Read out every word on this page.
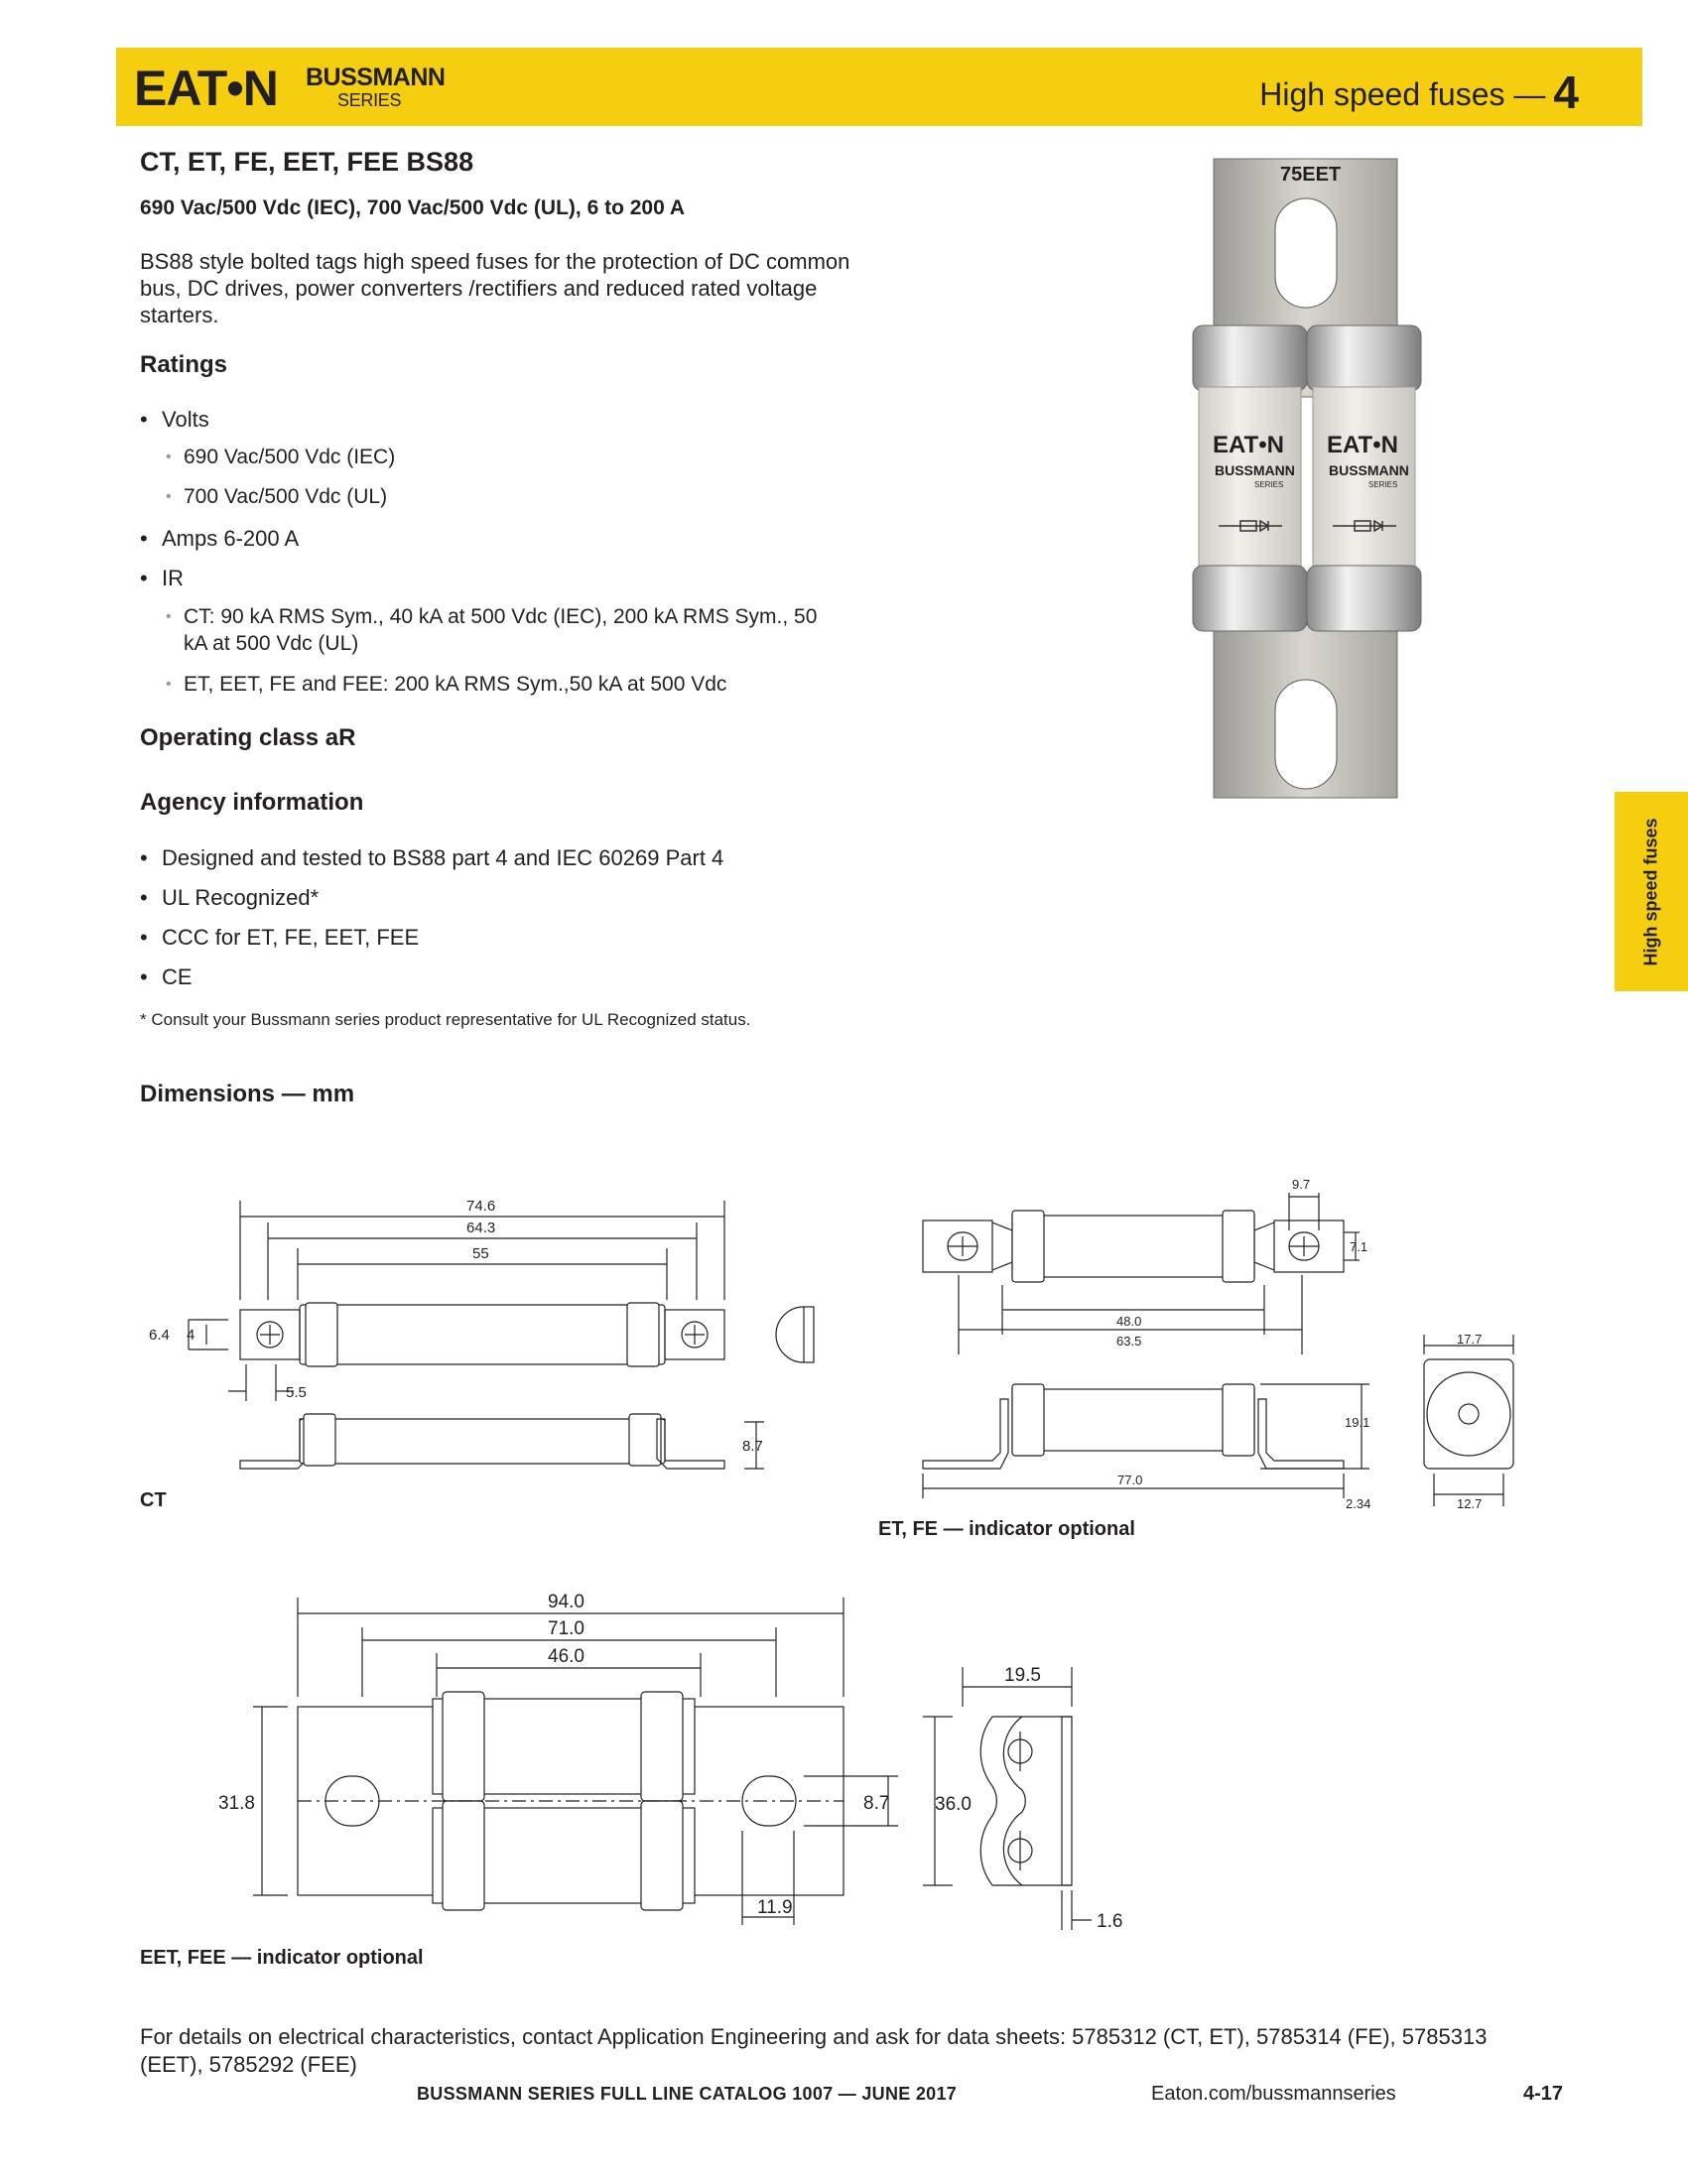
EAT•N BUSSMANN
SERIES	High speed fuses — 4
CT, ET, FE, EET, FEE BS88
690 Vac/500 Vdc (IEC), 700 Vac/500 Vdc (UL), 6 to 200 A
BS88 style bolted tags high speed fuses for the protection of DC common bus, DC drives, power converters /rectifiers and reduced rated voltage starters.
Ratings
• Volts
• 690 Vac/500 Vdc (IEC)
• 700 Vac/500 Vdc (UL)
• Amps 6-200 A
• IR
• CT: 90 kA RMS Sym., 40 kA at 500 Vdc (IEC), 200 kA RMS Sym., 50 kA at 500 Vdc (UL)
• ET, EET, FE and FEE: 200 kA RMS Sym.,50 kA at 500 Vdc
Operating class aR
Agency information
• Designed and tested to BS88 part 4 and IEC 60269 Part 4
• UL Recognized*
• CCC for ET, FE, EET, FEE
• CE
* Consult your Bussmann series product representative for UL Recognized status.
Dimensions — mm
75EET
EAT•N EAT•N
BUSSMANN BUSSMANN
SERIES	SERIES
74.6
64.3
55
6.4 4
5.5
8.7
CT
9.7
7.1
48.0
63.5
19.1
77.0
2.34
17.7
12.7
ET, FE — indicator optional
94.0
71.0
46.0
31.8	8.7
11.9
19.5
36.0
1.6
EET, FEE — indicator optional
High speed fuses
For details on electrical characteristics, contact Application Engineering and ask for data sheets: 5785312 (CT, ET), 5785314 (FE), 5785313 (EET), 5785292 (FEE)
BUSSMANN SERIES FULL LINE CATALOG 1007 — JUNE 2017	Eaton.com/bussmannseries	4-17
